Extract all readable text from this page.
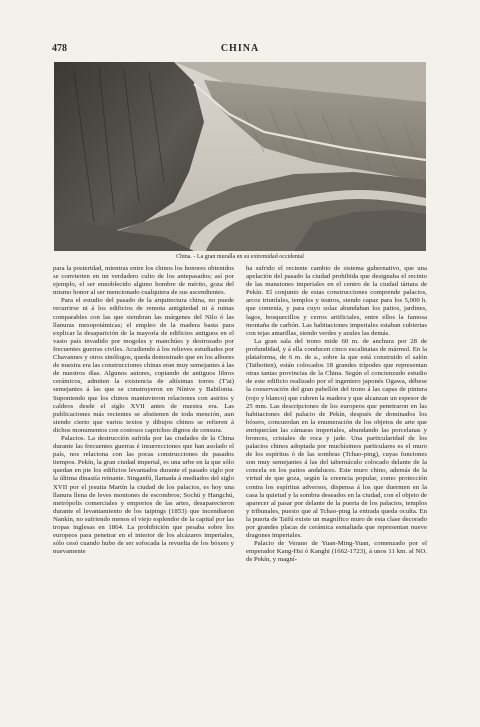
478	CHINA
China. - La gran muralla en su extremidad occidental

para la posteridad, mientras entre los chinos los honores obtenidos se convierten en un verdadero culto de los antepasados; así por ejemplo, el ser ennoblecido alguno hombre de mérito, goza del mismo honor al ser mencionado cualquiera de sus ascendientes.

Para el estudio del pasado de la arquitectura china, no puede recurrirse ni á los edificios de remota antigüedad ni á ruinas comparables con las que siembran las márgenes del Nilo ó las llanuras mesopotámicas; el empleo de la madera basta para explicar la desaparición de la mayoría de edificios antiguos en el vasto país invadido por mogoles y manchúes y destrozado por frecuentes guerras civiles. Acudiendo á los relieves estudiados por Chavannes y otros sinólogos, queda demostrado que en los albores de nuestra era las construcciones chinas eran muy semejantes á las de nuestros días. Algunos autores, copiando de antiguos libros cerámicos, admiten la existencia de altísimas torres (T'ai) semejantes á las que se construyeron en Nínive y Babilonia. Suponiendo que los chinos mantuvieron relaciones con asirios y caldeos desde el siglo XVII antes de nuestra era. Las publicaciones más recientes se abstienen de toda mención, aun siendo cierto que varios textos y dibujos chinos se refieren á dichos monumentos con costosos caprichos dignos de censura.

Palacios. La destrucción sufrida por las ciudades de la China durante las frecuentes guerras é insurrecciones que han asolado el país, nos relaciona con las pocas construcciones de pasados tiempos. Pekín, la gran ciudad imperial, es una urbe en la que sólo quedan en pie los edificios levantados durante el pasado siglo por la última dinastía reinante. Singanfú, llamada á mediados del siglo XVII por el jesuita Martín la ciudad de los palacios, es hoy una llanura llena de leves montones de escombros; Sochú y Hangchú, metrópolis comerciales y emporios de las artes, desaparecieron durante el levantamiento de los taipings (1853) que incendiaron Nankín, no sufriendo menos el viejo esplendor de la capital por las tropas inglesas en 1864. La prohibición que pesaba sobre los europeos para penetrar en el interior de los alcázares imperiales, sólo cesó cuando hubo de ser sofocada la revuelta de los bóxers y nuevamente

ha sufrido el reciente cambio de sistema gubernativo, que una apelación del pasado la ciudad prohibida que designaba el recinto de las mansiones imperiales en el centro de la ciudad tártara de Pekín. El conjunto de estas construcciones comprende palacios, arcos triunfales, templos y teatros, siendo capaz para los 5,000 h. que contenía, y para cuyo solaz abundaban los patios, jardines, lagos, bosquecillos y cerros artificiales, entre ellos la famosa montaña de carbón. Las habitaciones imperiales estaban cubiertas con tejas amarillas, siendo verdes y azules las demás.

La gran sala del trono mide 60 m. de anchura por 28 de profundidad, y á ella conducen cinco escalinatas de mármol. En la plataforma, de 6 m. de a., sobre la que está construido el salón (Taihotien), están colocados 18 grandes trípodes que representan otras tantas provincias de la China. Según el concienzudo estudio de este edificio realizado por el ingeniero japonés Ogawa, débese la conservación del gran pabellón del trono á las capas de pintura (rojo y blanco) que cubren la madera y que alcanzan un espesor de 25 mm. Las descripciones de los europeos que penetraron en las habitaciones del palacio de Pekín, después de dominados los bóxers, concuerdan en la enumeración de los objetos de arte que enriquecían las cámaras imperiales, abundando las porcelanas y bronces, cristales de roca y jade. Una particularidad de los palacios chinos adoptada por muchísimos particulares es el muro de los espíritus ó de las sombras (Tchao-ping), cuyas funciones son muy semejantes á las del tabernáculo colocado delante de la concela en los patios andaluces. Este muro chino, además de la virtud de que goza, según la creencia popular, como protección contra los espíritus adversos, dispensa á los que duermen en la casa la quietud y la sombra deseados en la ciudad, con el objeto de aparecer al pasar por delante de la puerta de los palacios, templos y tribunales, puesto que al Tchao-ping la entrada queda oculta. En la puerta de Taifú existe un magnífico muro de esta clase decorado por grandes placas de cerámica esmaltada que representan nueve dragones imperiales.

Palacio de Verano de Yuan-Ming-Yuan, comenzado por el emperador Kang-Hsi ó Kanghi (1662-1723), á unos 11 km. al NO. de Pekín, y magní-
